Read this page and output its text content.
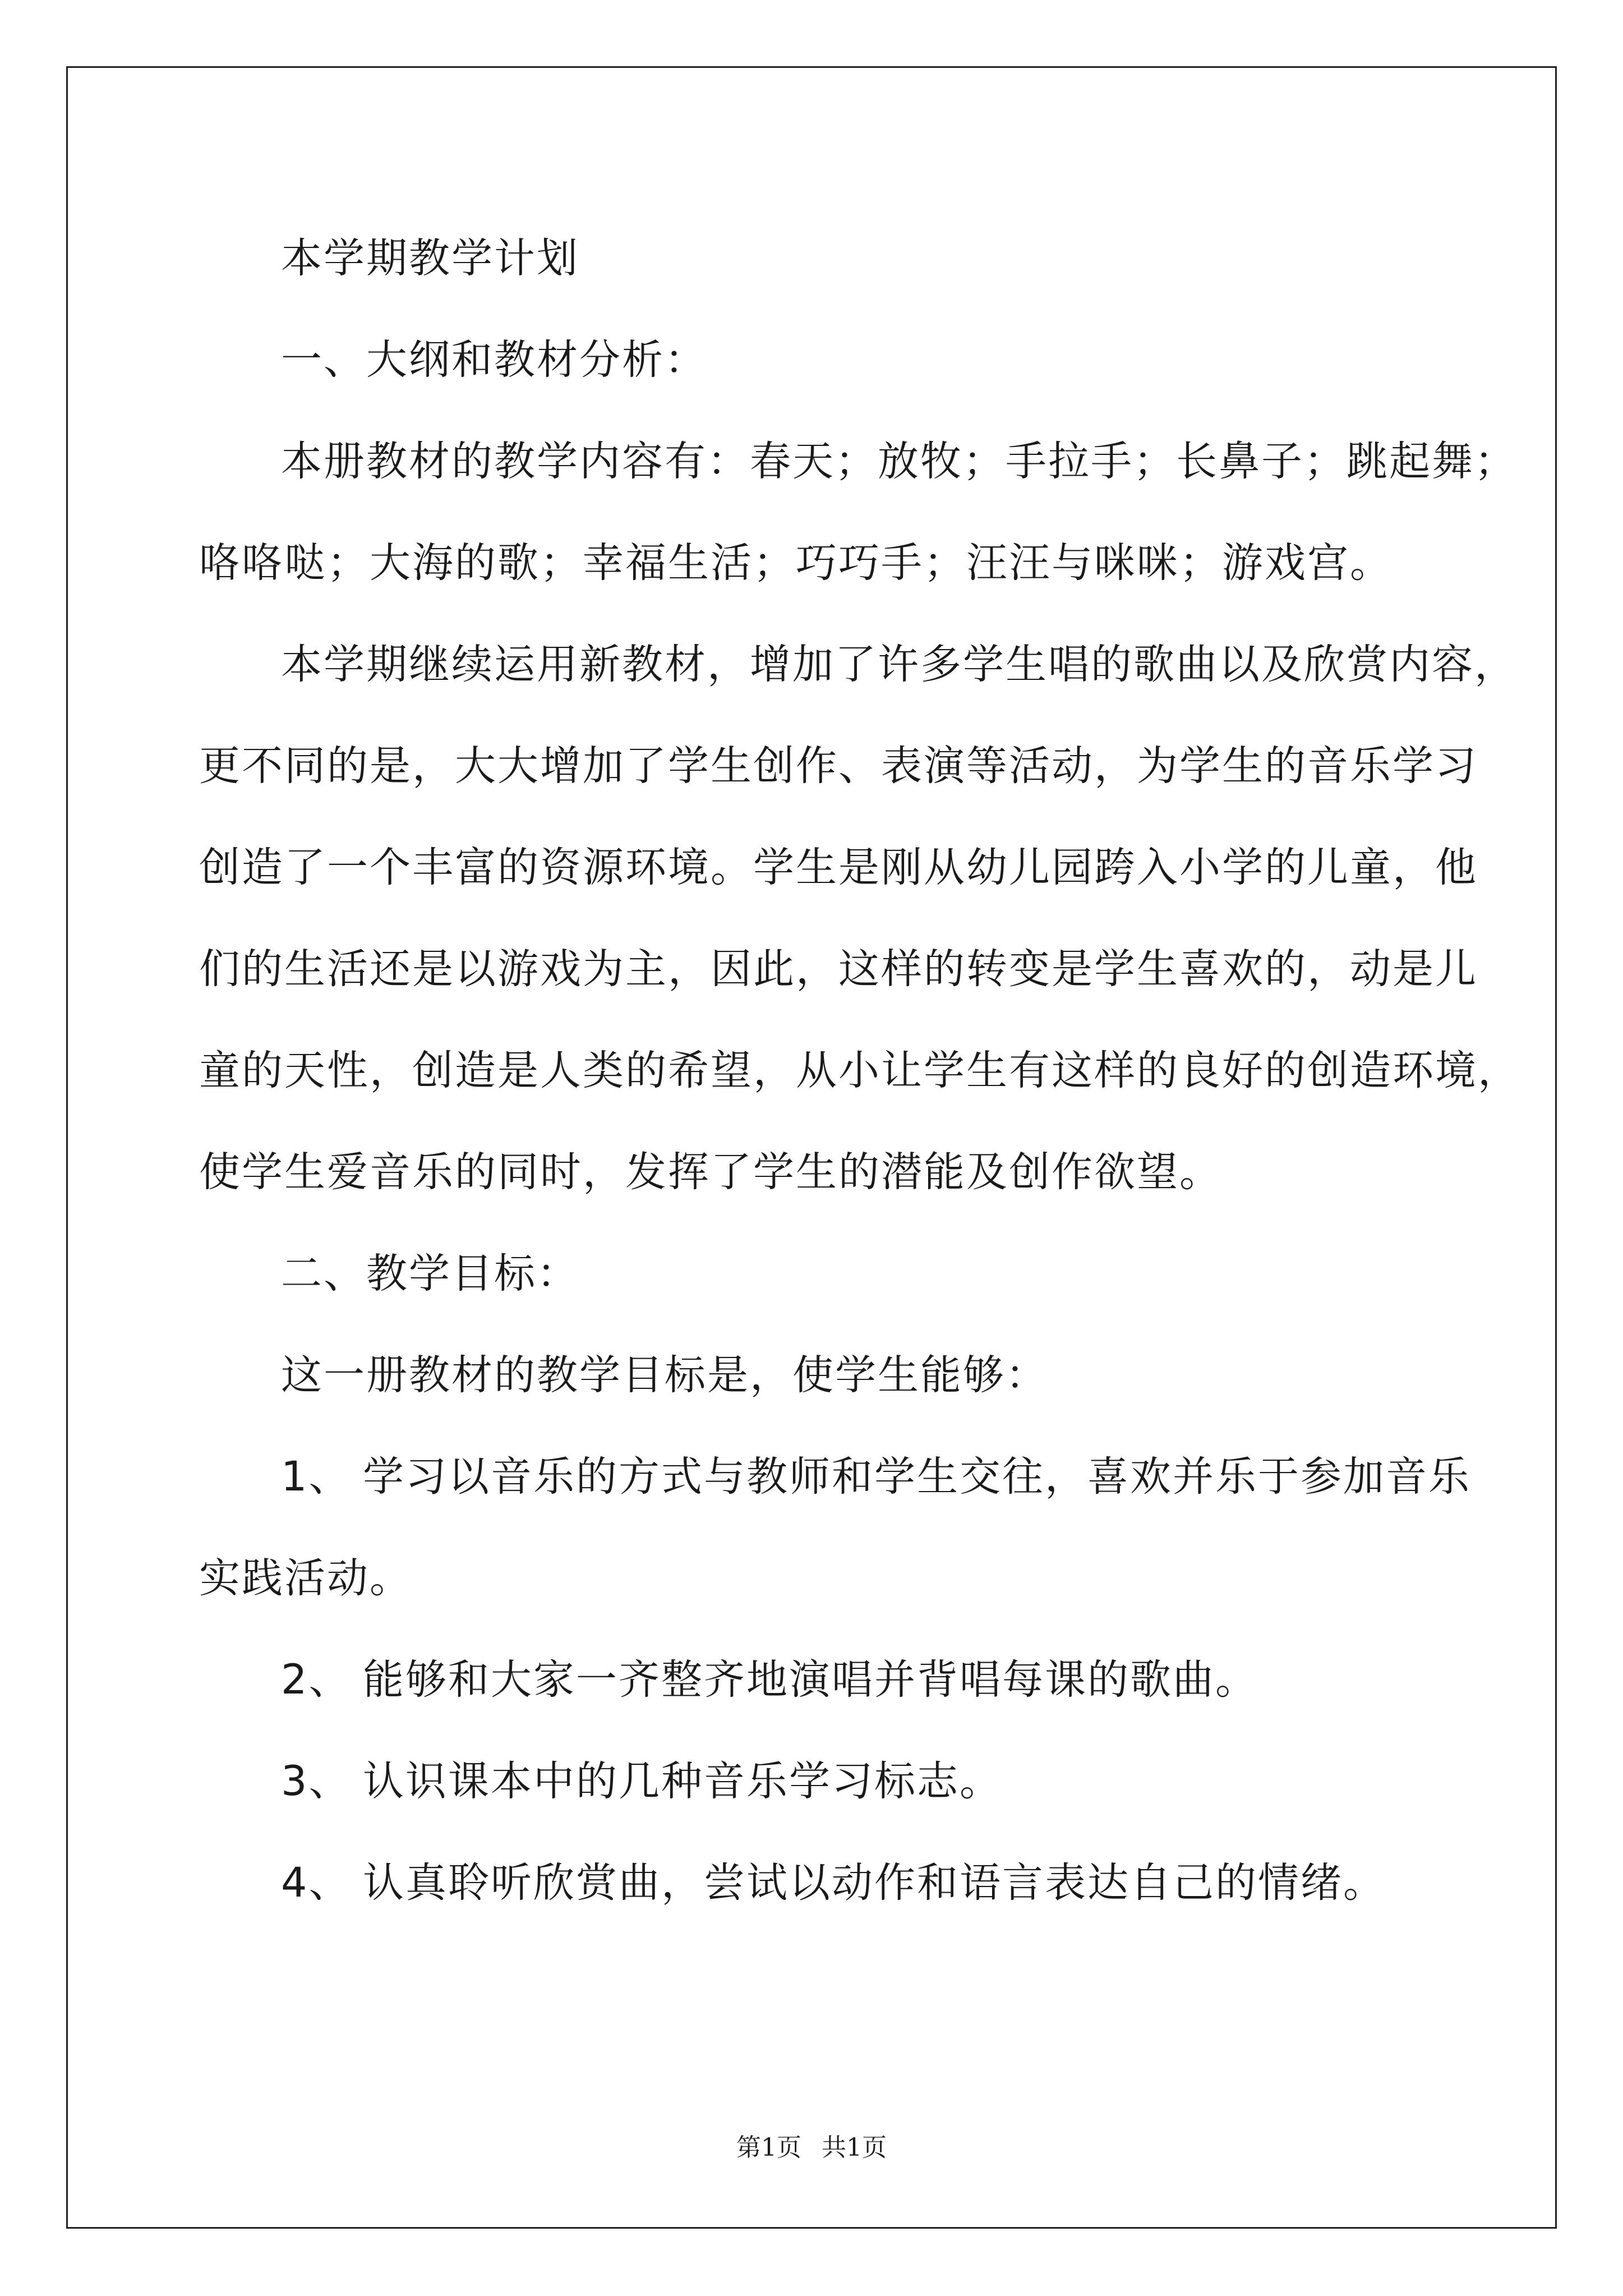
本学期教学计划

一、大纲和教材分析：

本册教材的教学内容有：春天；放牧；手拉手；长鼻子；跳起舞；

咯咯哒；大海的歌；幸福生活；巧巧手；汪汪与咪咪；游戏宫。

本学期继续运用新教材，增加了许多学生唱的歌曲以及欣赏内容，

更不同的是，大大增加了学生创作、表演等活动，为学生的音乐学习

创造了一个丰富的资源环境。学生是刚从幼儿园跨入小学的儿童，他

们的生活还是以游戏为主，因此，这样的转变是学生喜欢的，动是儿

童的天性，创造是人类的希望，从小让学生有这样的良好的创造环境，

使学生爱音乐的同时，发挥了学生的潜能及创作欲望。

二、教学目标：

这一册教材的教学目标是，使学生能够：

1、 学习以音乐的方式与教师和学生交往，喜欢并乐于参加音乐

实践活动。

2、 能够和大家一齐整齐地演唱并背唱每课的歌曲。

3、 认识课本中的几种音乐学习标志。

4、 认真聆听欣赏曲，尝试以动作和语言表达自己的情绪。

第1页 共1页
